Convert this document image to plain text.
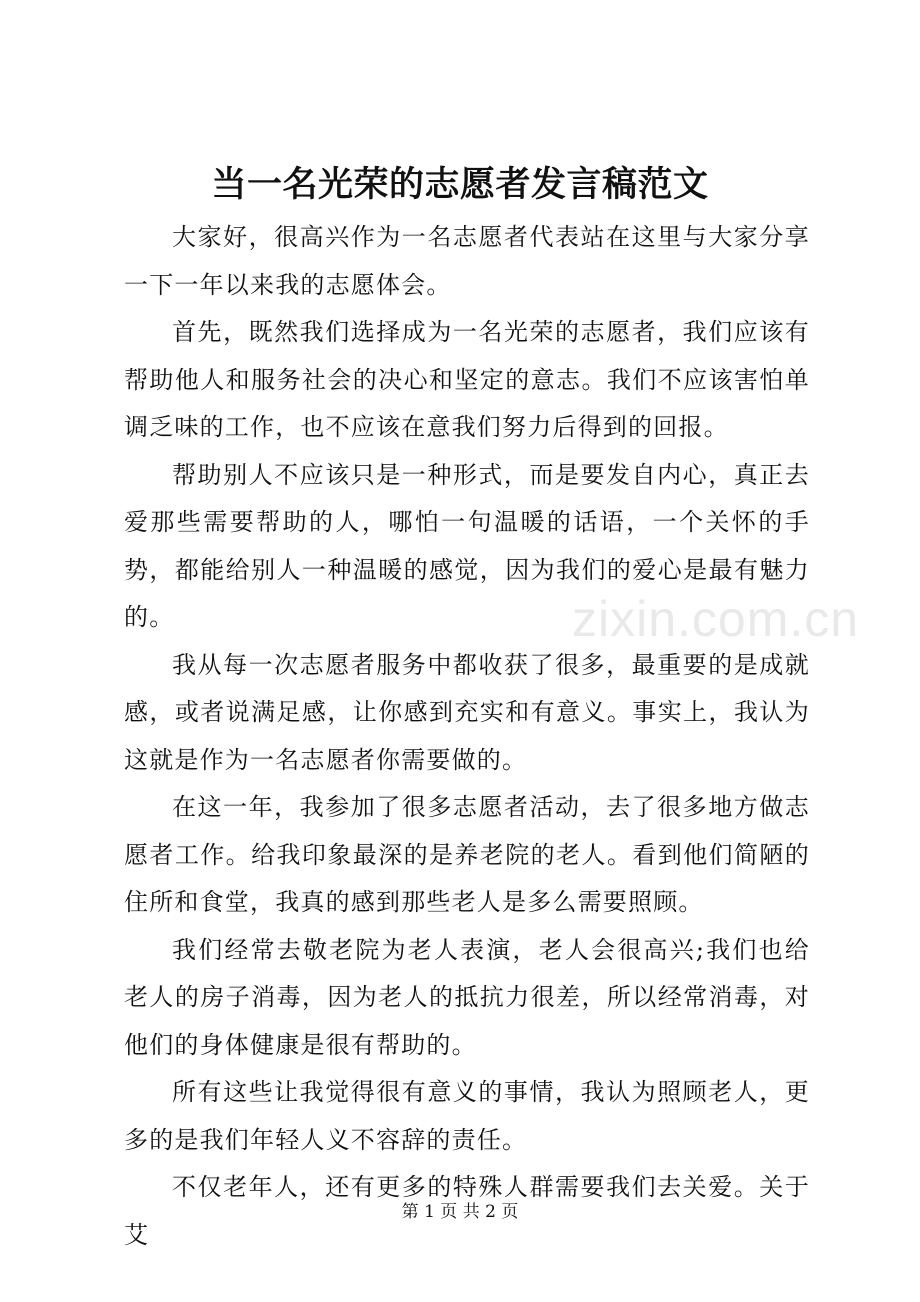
zixin.com.cn
当一名光荣的志愿者发言稿范文

大家好，很高兴作为一名志愿者代表站在这里与大家分享一下一年以来我的志愿体会。

首先，既然我们选择成为一名光荣的志愿者，我们应该有帮助他人和服务社会的决心和坚定的意志。我们不应该害怕单调乏味的工作，也不应该在意我们努力后得到的回报。

帮助别人不应该只是一种形式，而是要发自内心，真正去爱那些需要帮助的人，哪怕一句温暖的话语，一个关怀的手势，都能给别人一种温暖的感觉，因为我们的爱心是最有魅力的。

我从每一次志愿者服务中都收获了很多，最重要的是成就感，或者说满足感，让你感到充实和有意义。事实上，我认为这就是作为一名志愿者你需要做的。

在这一年，我参加了很多志愿者活动，去了很多地方做志愿者工作。给我印象最深的是养老院的老人。看到他们简陋的住所和食堂，我真的感到那些老人是多么需要照顾。

我们经常去敬老院为老人表演，老人会很高兴;我们也给老人的房子消毒，因为老人的抵抗力很差，所以经常消毒，对他们的身体健康是很有帮助的。

所有这些让我觉得很有意义的事情，我认为照顾老人，更多的是我们年轻人义不容辞的责任。

不仅老年人，还有更多的特殊人群需要我们去关爱。关于艾

第 1 页 共 2 页
